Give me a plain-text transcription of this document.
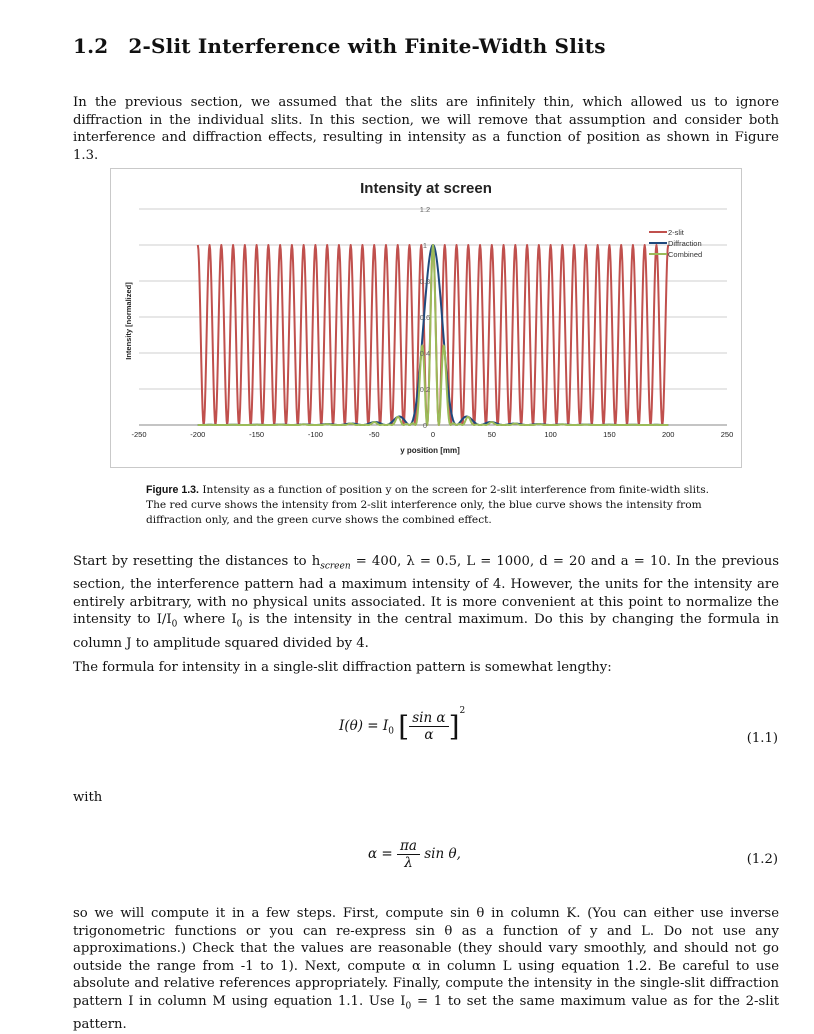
1.2 2-Slit Interference with Finite-Width Slits
In the previous section, we assumed that the slits are infinitely thin, which allowed us to ignore diffraction in the individual slits. In this section, we will remove that assumption and consider both interference and diffraction effects, resulting in intensity as a function of position as shown in Figure 1.3.
Intensity at screen
-250	-200	-150	-100	-50	0	50	100	150	200	250
0
0.2
0.4
0.6
0.8
1
1.2
y position [mm]
Intensity [normalized]
2-slit
Diffraction
Combined
Figure 1.3. Intensity as a function of position y on the screen for 2-slit interference from finite-width slits. The red curve shows the intensity from 2-slit interference only, the blue curve shows the intensity from diffraction only, and the green curve shows the combined effect.
Start by resetting the distances to $h_{screen} = 400$, λ = 0.5, L = 1000, d = 20 and a = 10. In the previous section, the interference pattern had a maximum intensity of 4. However, the units for the intensity are entirely arbitrary, with no physical units associated. It is more convenient at this point to normalize the intensity to $I/I_0$ where $I_0$ is the intensity in the central maximum. Do this by changing the formula in column J to amplitude squared divided by 4.
The formula for intensity in a single-slit diffraction pattern is somewhat lengthy:
$I(\theta) = I_0$ [ $\frac{\text{sin α}}{\alpha} ]^2$
(1.1)
with
$\alpha = \frac{\pi a}{\lambda}$ sin θ,	(1.2)
so we will compute it in a few steps. First, compute sin θ in column K. (You can either use inverse trigonometric functions or you can re-express sin θ as a function of y and L. Do not use any approximations.) Check that the values are reasonable (they should vary smoothly, and should not go outside the range from -1 to 1). Next, compute α in column L using equation 1.2. Be careful to use absolute and relative references appropriately. Finally, compute the intensity in the single-slit diffraction pattern I in column M using equation 1.1. Use $I_0 = 1$ to set the same maximum value as for the 2-slit pattern.
